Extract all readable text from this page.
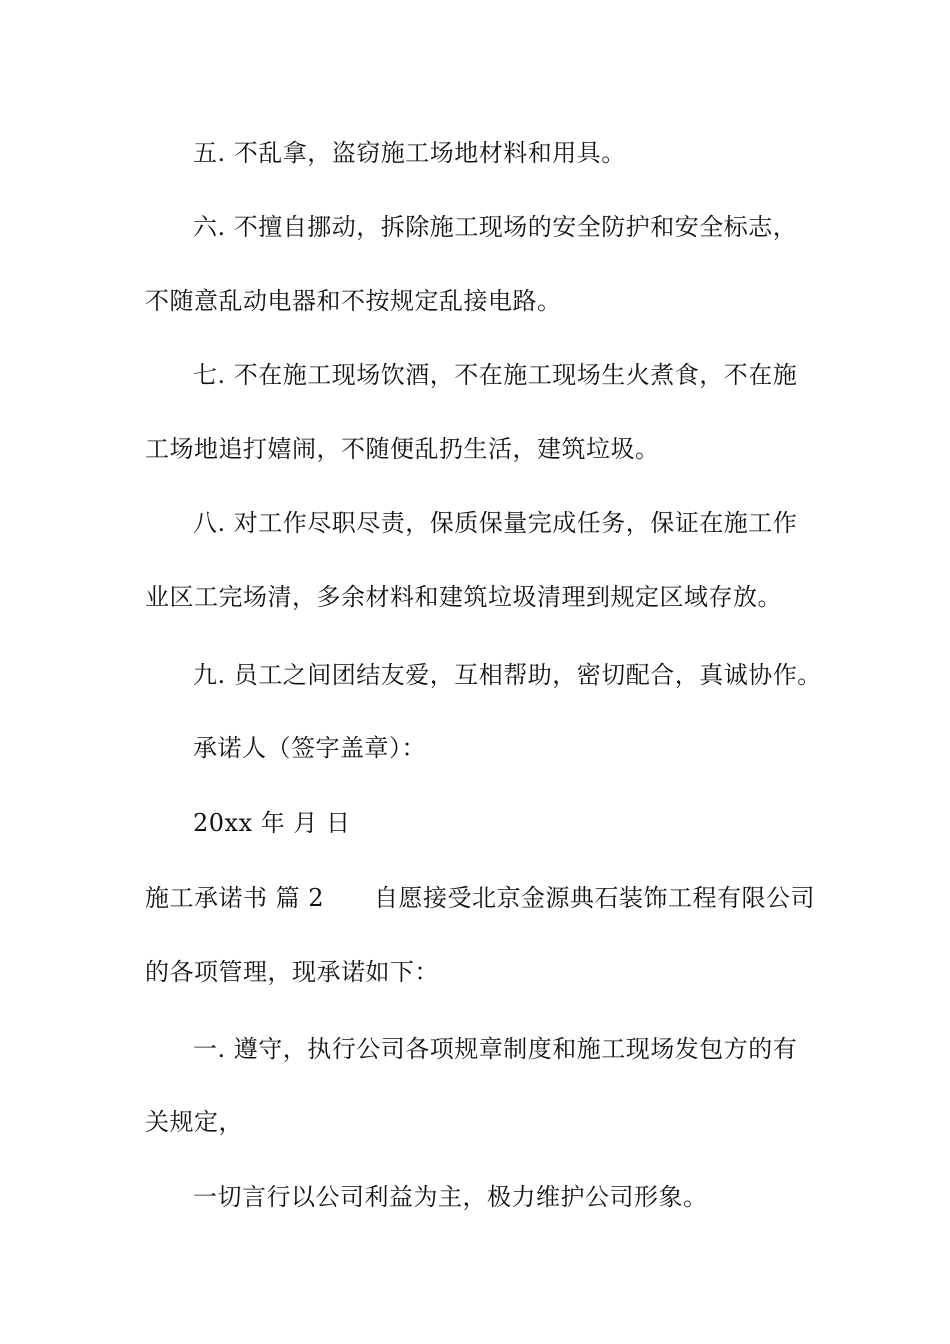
五. 不乱拿，盗窃施工场地材料和用具。
六. 不擅自挪动，拆除施工现场的安全防护和安全标志，
不随意乱动电器和不按规定乱接电路。
七. 不在施工现场饮酒，不在施工现场生火煮食，不在施
工场地追打嬉闹，不随便乱扔生活，建筑垃圾。
八. 对工作尽职尽责，保质保量完成任务，保证在施工作
业区工完场清，多余材料和建筑垃圾清理到规定区域存放。
九. 员工之间团结友爱，互相帮助，密切配合，真诚协作。
承诺人（签字盖章）：
20xx 年 月 日
施工承诺书 篇 2 自愿接受北京金源典石装饰工程有限公司
的各项管理，现承诺如下：
一. 遵守，执行公司各项规章制度和施工现场发包方的有
关规定，
一切言行以公司利益为主，极力维护公司形象。
